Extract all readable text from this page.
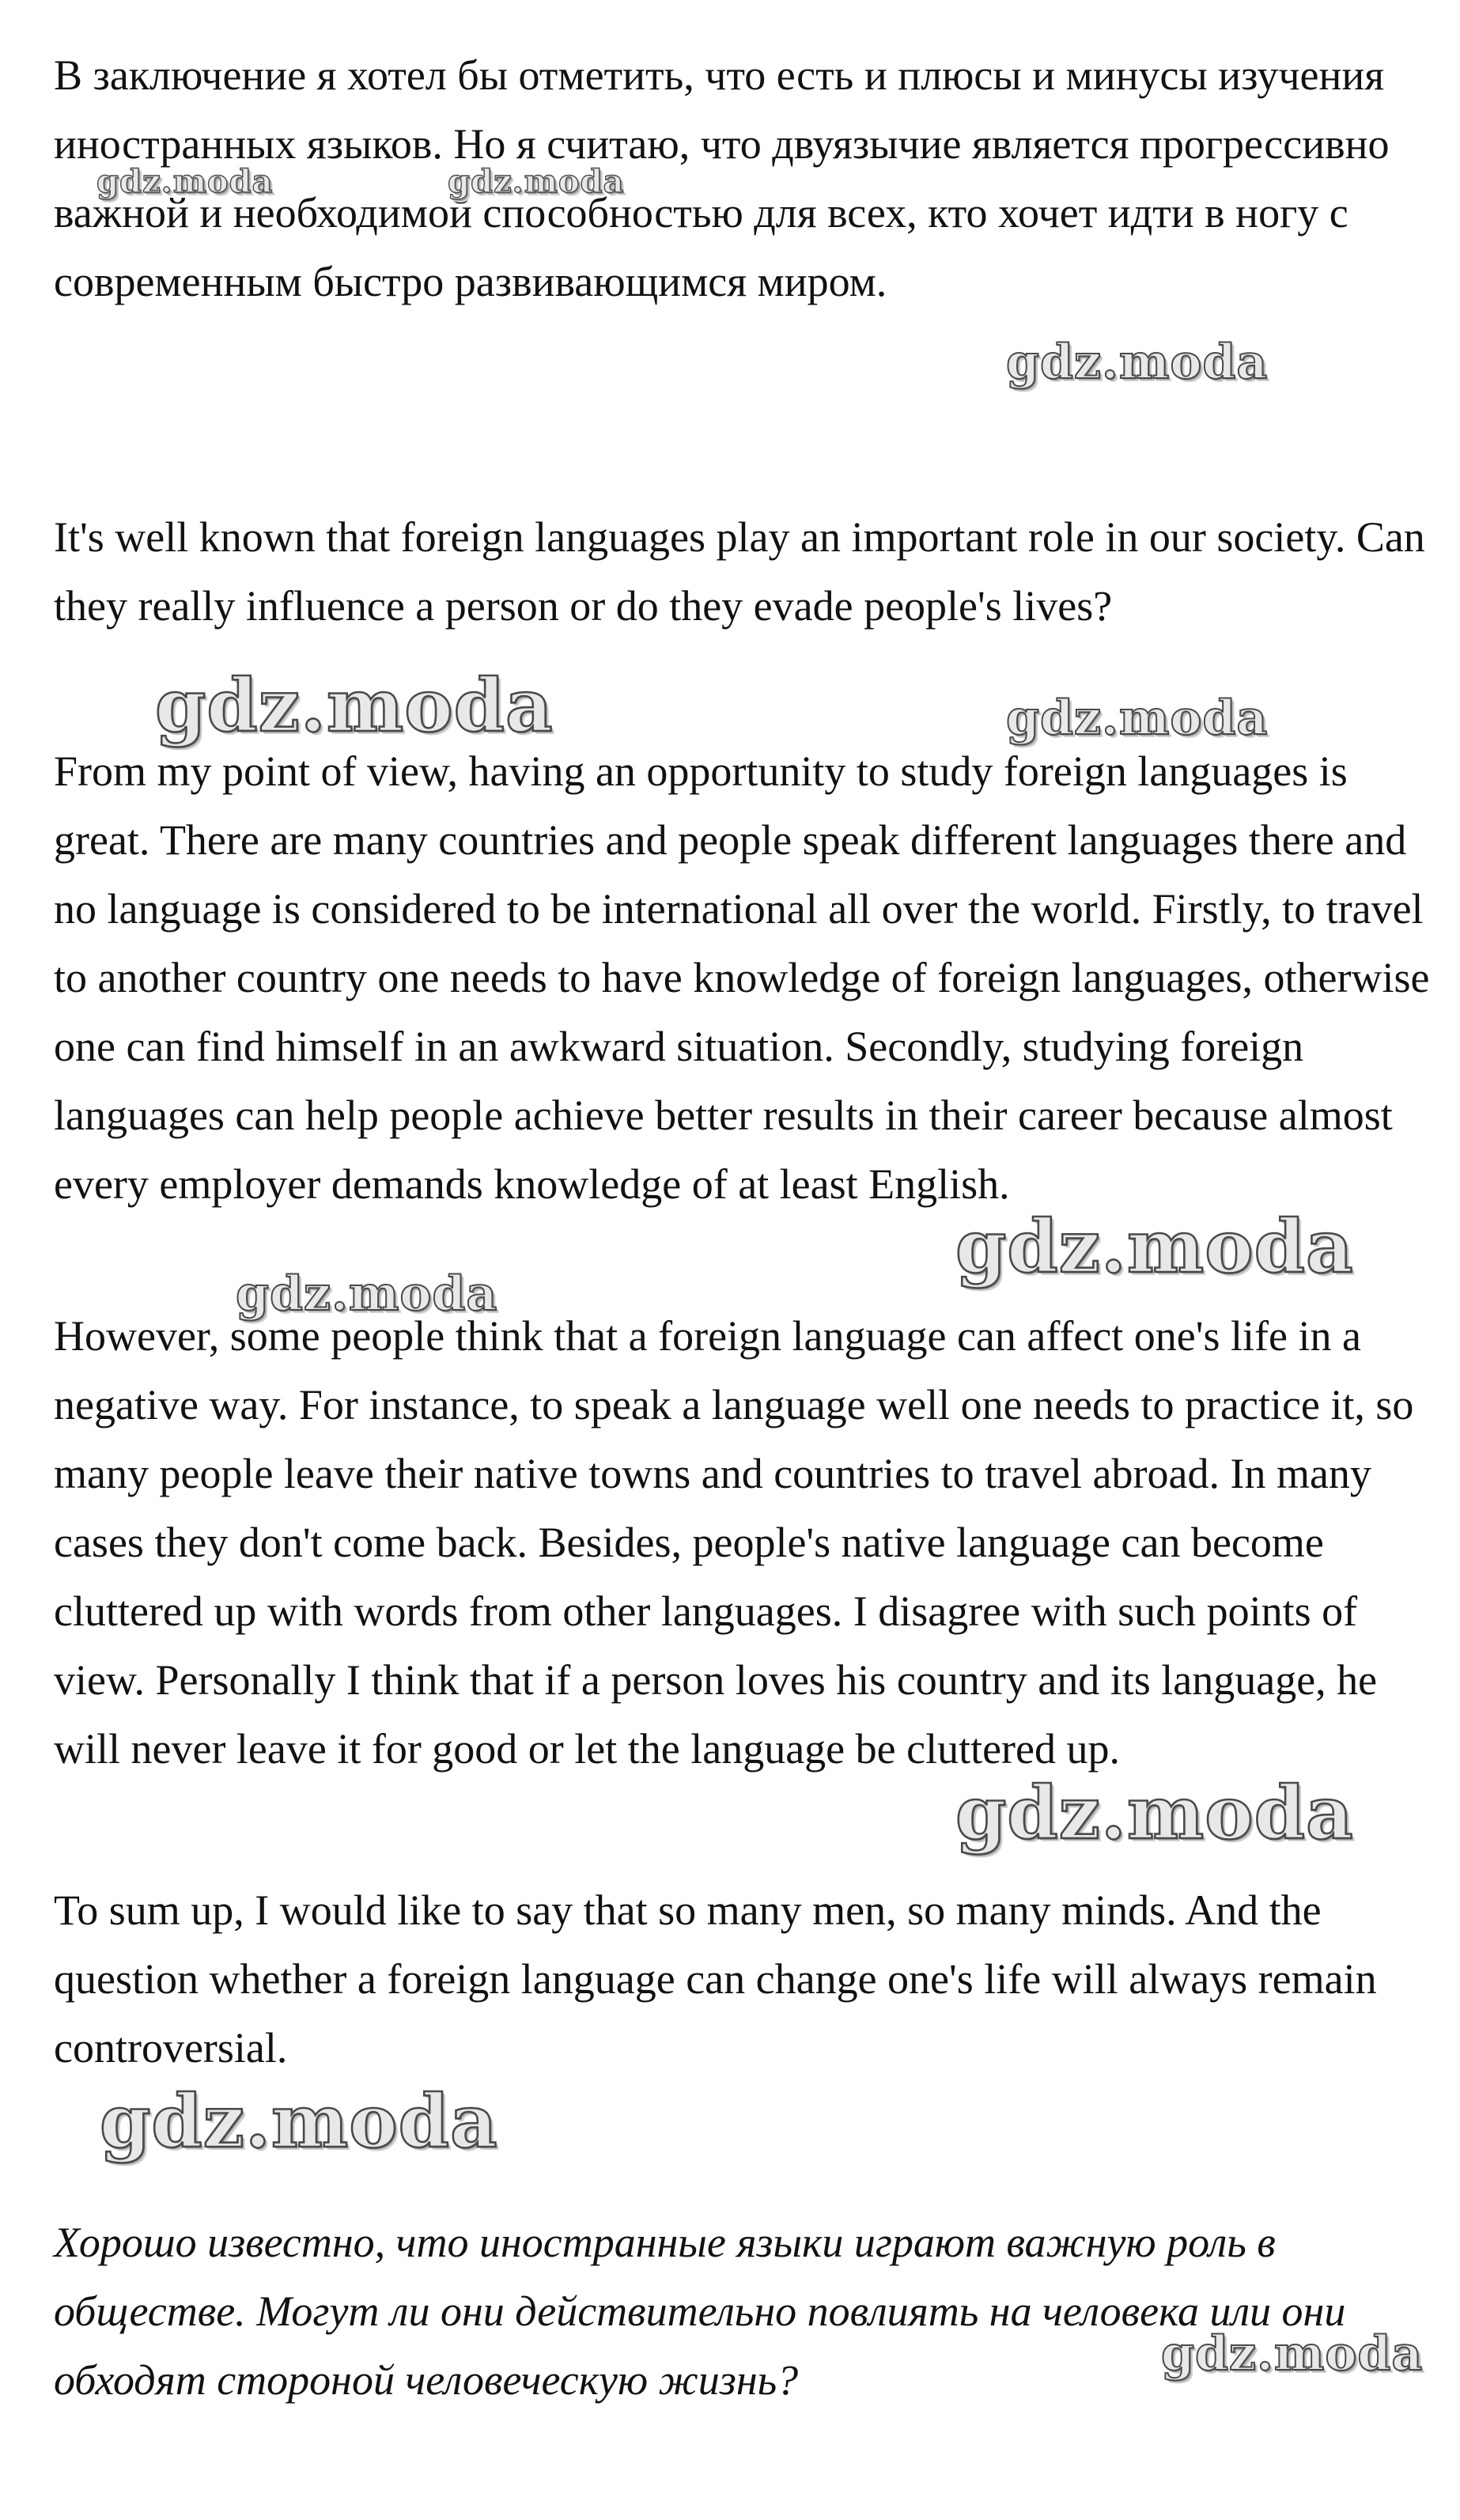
В заключение я хотел бы отметить, что есть и плюсы и минусы изучения иностранных языков. Но я считаю, что двуязычие является прогрессивно важной и необходимой способностью для всех, кто хочет идти в ногу с современным быстро развивающимся миром.

It's well known that foreign languages play an important role in our society. Can they really influence a person or do they evade people's lives?

From my point of view, having an opportunity to study foreign languages is great. There are many countries and people speak different languages there and no language is considered to be international all over the world. Firstly, to travel to another country one needs to have knowledge of foreign languages, otherwise one can find himself in an awkward situation. Secondly, studying foreign languages can help people achieve better results in their career because almost every employer demands knowledge of at least English.

However, some people think that a foreign language can affect one's life in a negative way. For instance, to speak a language well one needs to practice it, so many people leave their native towns and countries to travel abroad. In many cases they don't come back. Besides, people's native language can become cluttered up with words from other languages. I disagree with such points of view. Personally I think that if a person loves his country and its language, he will never leave it for good or let the language be cluttered up.

To sum up, I would like to say that so many men, so many minds. And the question whether a foreign language can change one's life will always remain controversial.

Хорошо известно, что иностранные языки играют важную роль в обществе. Могут ли они действительно повлиять на человека или они обходят стороной человеческую жизнь?

gdz.moda	gdz.moda
gdz.moda
gdz.moda	gdz.moda
gdz.moda
gdz.moda
gdz.moda
gdz.moda
gdz.moda
